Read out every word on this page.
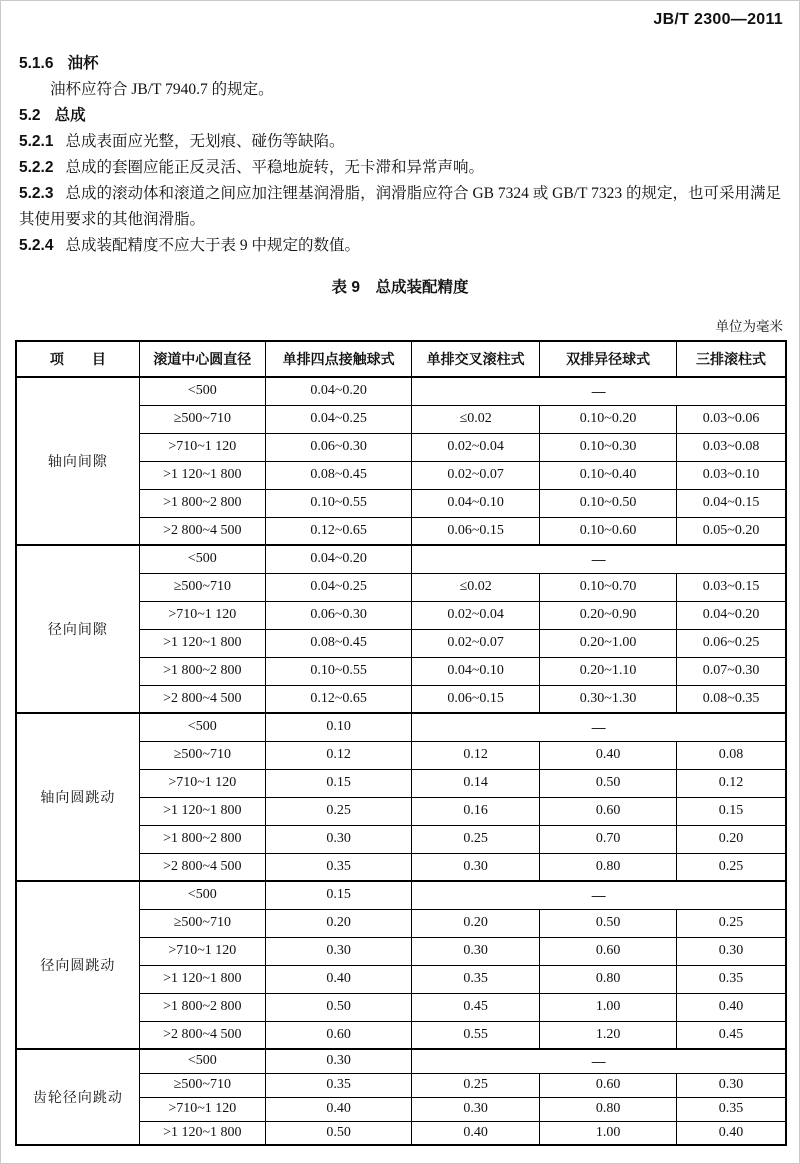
JB/T 2300—2011

5.1.6 油杯

油杯应符合 JB/T 7940.7 的规定。

5.2 总成

5.2.1 总成表面应光整，无划痕、碰伤等缺陷。

5.2.2 总成的套圈应能正反灵活、平稳地旋转，无卡滞和异常声响。

5.2.3 总成的滚动体和滚道之间应加注锂基润滑脂，润滑脂应符合 GB 7324 或 GB/T 7323 的规定，也可采用满足其使用要求的其他润滑脂。

5.2.4 总成装配精度不应大于表 9 中规定的数值。

表 9　总成装配精度
单位为毫米
项　　目	滚道中心圆直径	单排四点接触球式	单排交叉滚柱式	双排异径球式	三排滚柱式
轴向间隙	<500	0.04~0.20	—		
	≥500~710	0.04~0.25	≤0.02	0.10~0.20	0.03~0.06
	>710~1 120	0.06~0.30	0.02~0.04	0.10~0.30	0.03~0.08
	>1 120~1 800	0.08~0.45	0.02~0.07	0.10~0.40	0.03~0.10
	>1 800~2 800	0.10~0.55	0.04~0.10	0.10~0.50	0.04~0.15
	>2 800~4 500	0.12~0.65	0.06~0.15	0.10~0.60	0.05~0.20
径向间隙	<500	0.04~0.20	—		
	≥500~710	0.04~0.25	≤0.02	0.10~0.70	0.03~0.15
	>710~1 120	0.06~0.30	0.02~0.04	0.20~0.90	0.04~0.20
	>1 120~1 800	0.08~0.45	0.02~0.07	0.20~1.00	0.06~0.25
	>1 800~2 800	0.10~0.55	0.04~0.10	0.20~1.10	0.07~0.30
	>2 800~4 500	0.12~0.65	0.06~0.15	0.30~1.30	0.08~0.35
轴向圆跳动	<500	0.10	—		
	≥500~710	0.12	0.12	0.40	0.08
	>710~1 120	0.15	0.14	0.50	0.12
	>1 120~1 800	0.25	0.16	0.60	0.15
	>1 800~2 800	0.30	0.25	0.70	0.20
	>2 800~4 500	0.35	0.30	0.80	0.25
径向圆跳动	<500	0.15	—		
	≥500~710	0.20	0.20	0.50	0.25
	>710~1 120	0.30	0.30	0.60	0.30
	>1 120~1 800	0.40	0.35	0.80	0.35
	>1 800~2 800	0.50	0.45	1.00	0.40
	>2 800~4 500	0.60	0.55	1.20	0.45
齿轮径向跳动	<500	0.30	—		
	≥500~710	0.35	0.25	0.60	0.30
	>710~1 120	0.40	0.30	0.80	0.35
	>1 120~1 800	0.50	0.40	1.00	0.40
